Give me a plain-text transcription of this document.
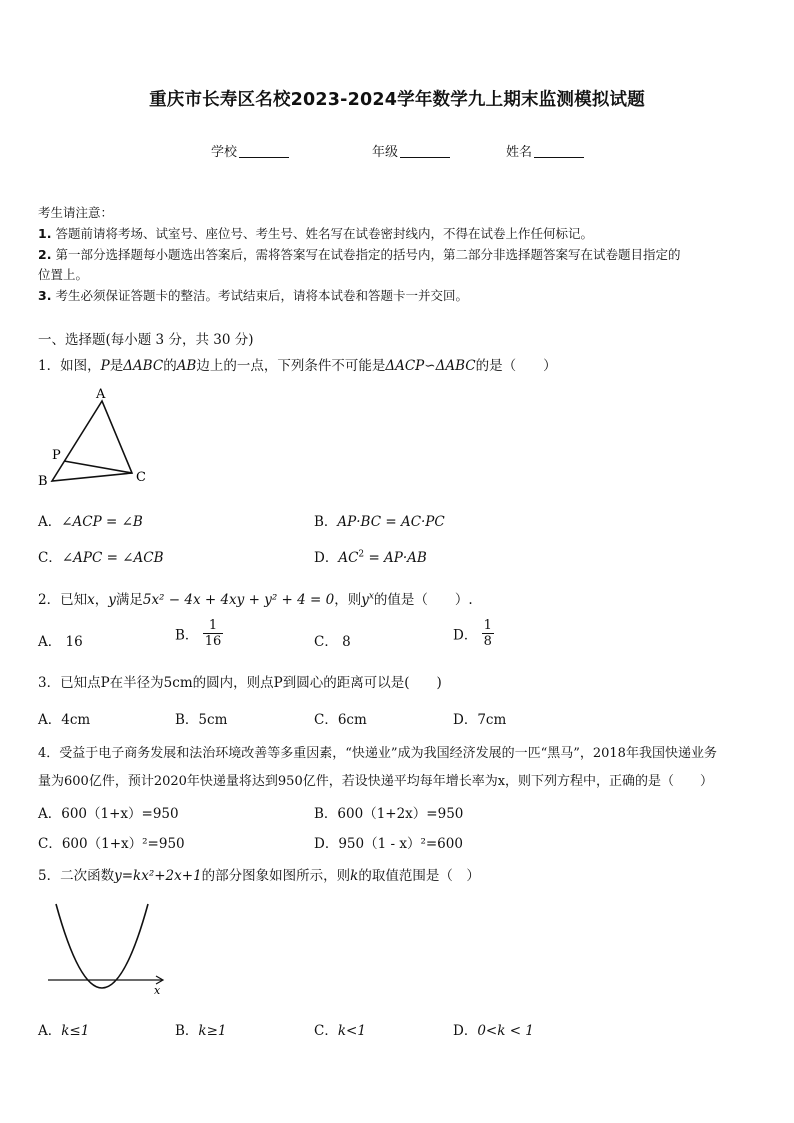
重庆市长寿区名校2023-2024学年数学九上期末监测模拟试题
学校	年级	姓名
考生请注意：
1. 答题前请将考场、试室号、座位号、考生号、姓名写在试卷密封线内，不得在试卷上作任何标记。
2. 第一部分选择题每小题选出答案后，需将答案写在试卷指定的括号内，第二部分非选择题答案写在试卷题目指定的
位置上。
3. 考生必须保证答题卡的整洁。考试结束后，请将本试卷和答题卡一并交回。
一、选择题(每小题 3 分，共 30 分)
1．如图，P是ΔABC的AB边上的一点，下列条件不可能是ΔACP∽ΔABC的是（　　）
A
B	C
P
A．∠ACP = ∠B	B．AP·BC = AC·PC
C．∠APC = ∠ACB	D．$AC^2 = AP\cdot AB$
2．已知x，y满足5x² − 4x + 4xy + y² + 4 = 0，则$y^x$的值是（　　）.
A． 16	B． $\frac{1}{16}$	C． 8	D． $\frac{1}{8}$
3．已知点P在半径为5cm的圆内，则点P到圆心的距离可以是(　　)
A．4cm	B．5cm	C．6cm	D．7cm
4．受益于电子商务发展和法治环境改善等多重因素，“快递业”成为我国经济发展的一匹“黑马”，2018年我国快递业务
量为600亿件，预计2020年快递量将达到950亿件，若设快递平均每年增长率为x，则下列方程中，正确的是（　　）
A．600（1+x）=950	B．600（1+2x）=950
C．600（1+x）²=950	D．950（1 - x）²=600
5．二次函数y=kx²+2x+1的部分图象如图所示，则k的取值范围是（　）
x
A．k≤1	B．k≥1	C．k<1	D．0<k < 1
